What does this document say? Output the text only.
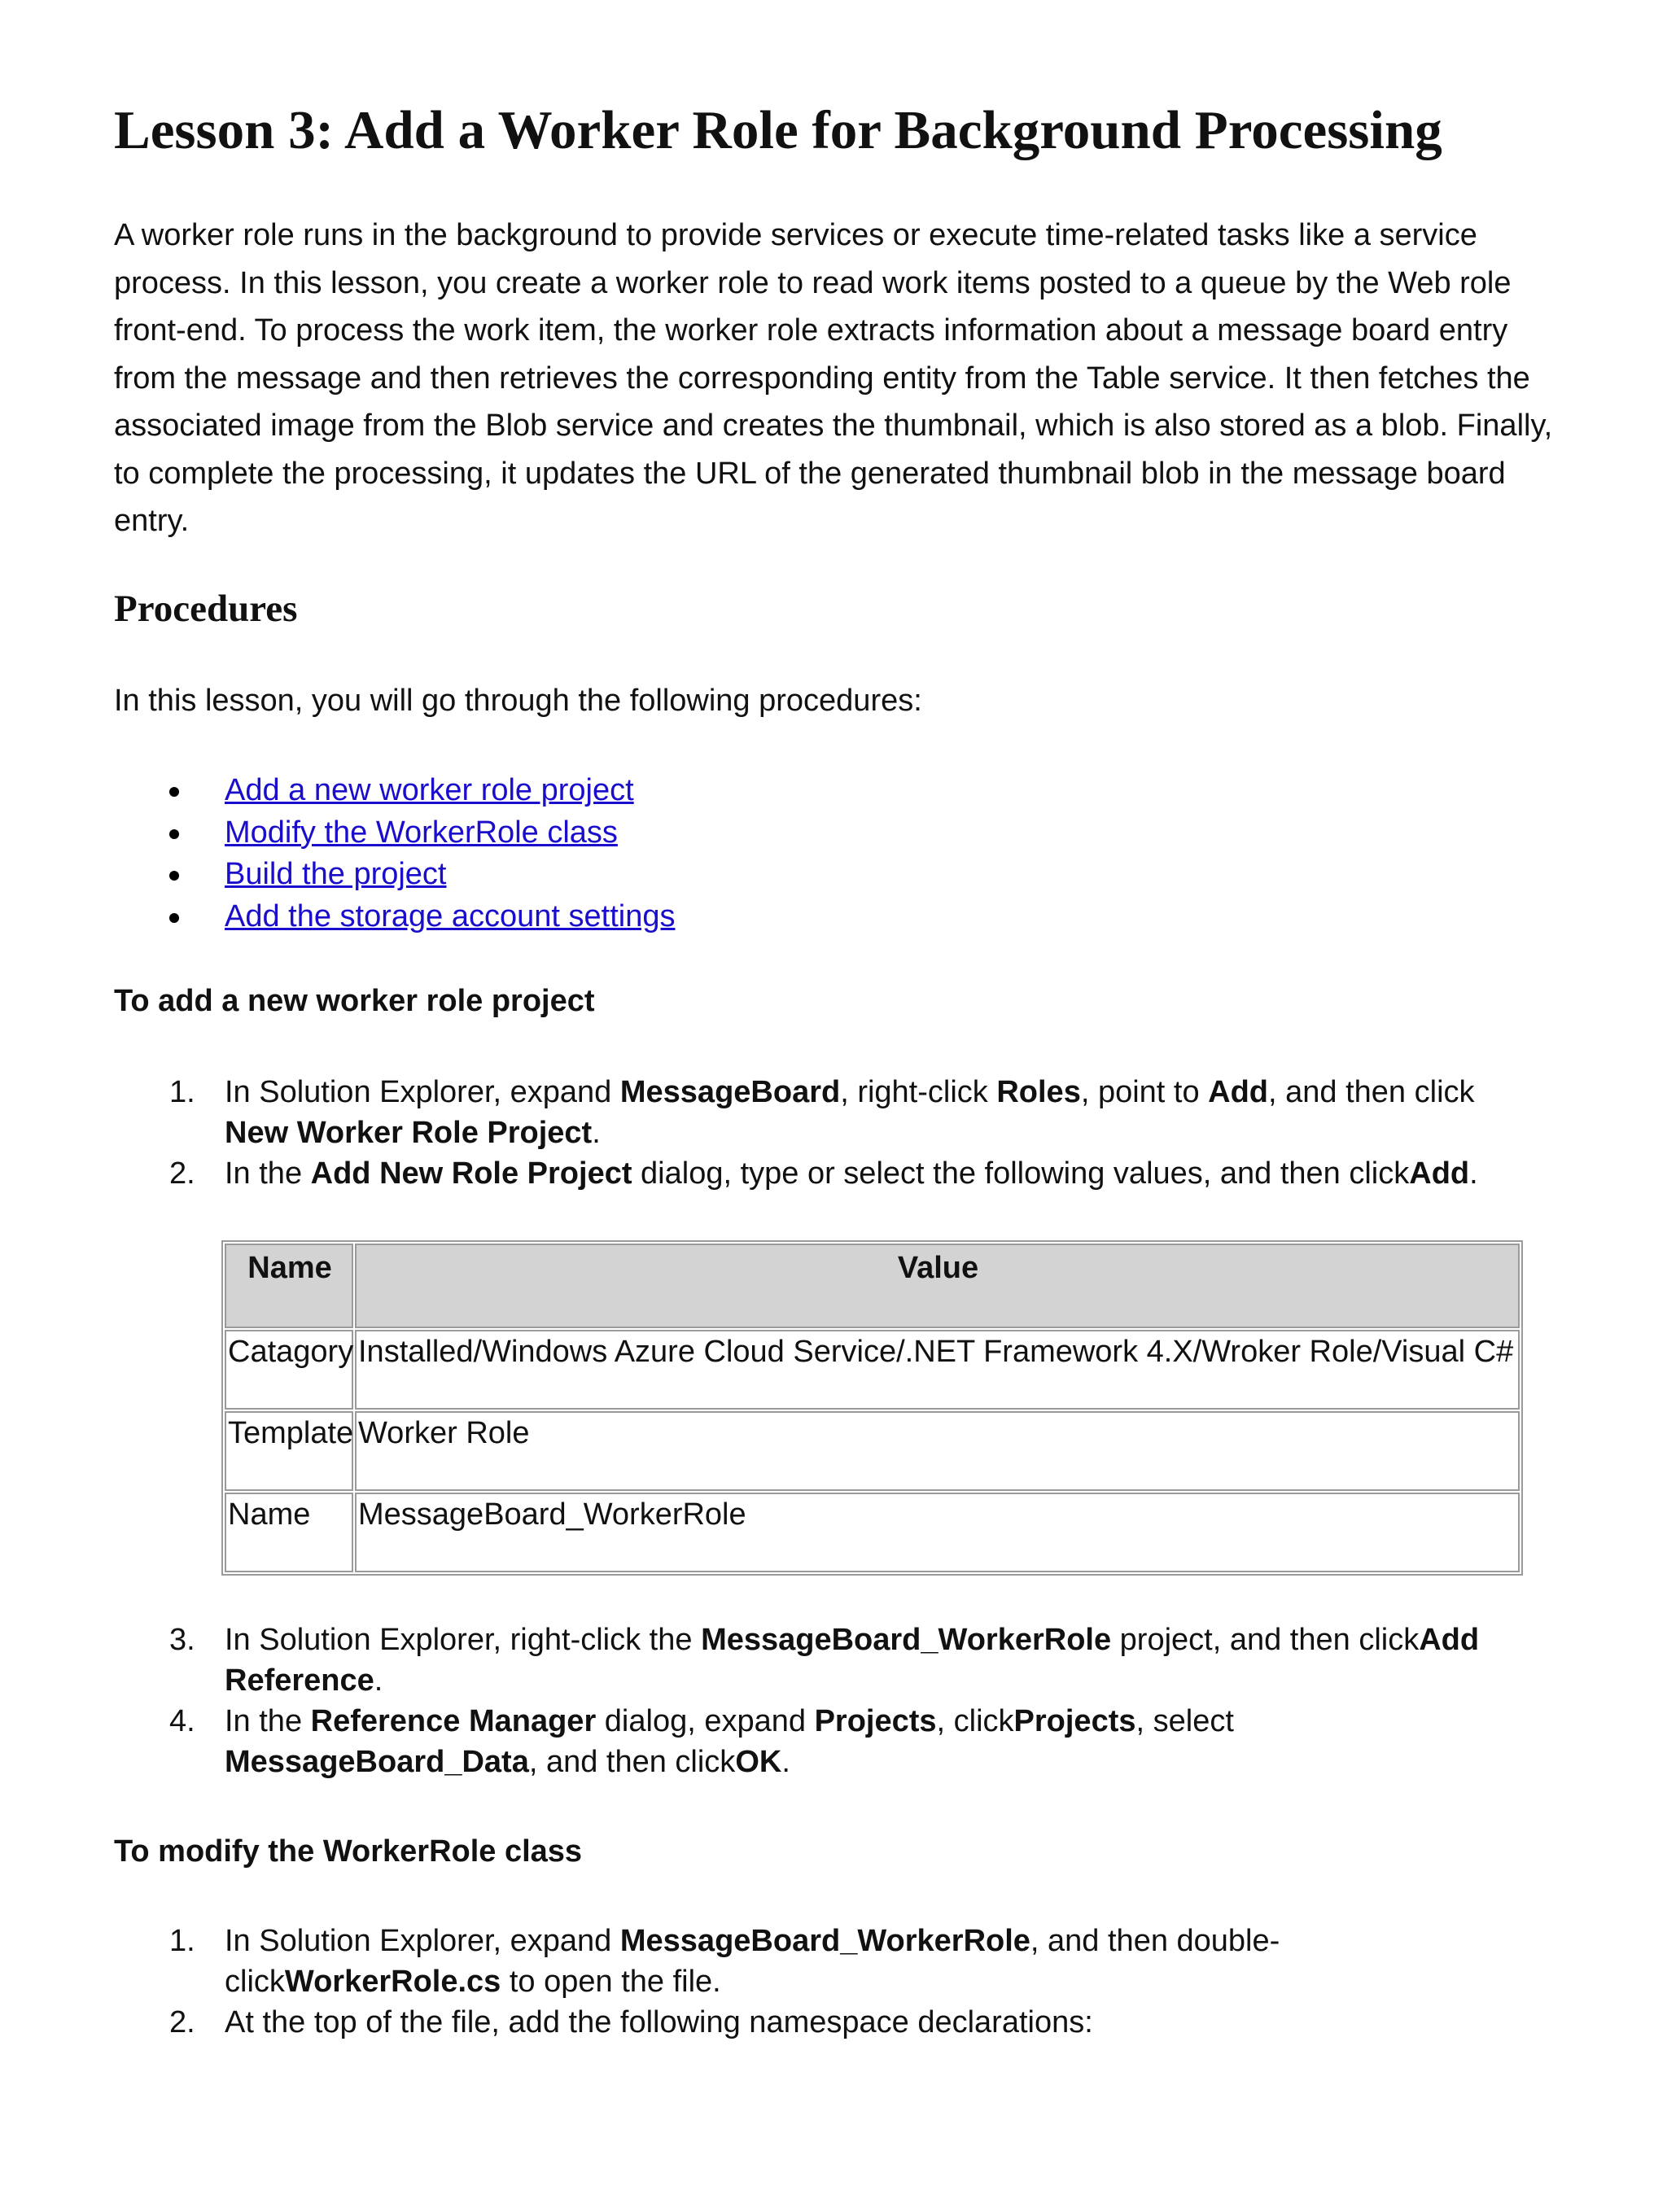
Lesson 3: Add a Worker Role for Background Processing

A worker role runs in the background to provide services or execute time-related tasks like a service process. In this lesson, you create a worker role to read work items posted to a queue by the Web role front-end. To process the work item, the worker role extracts information about a message board entry from the message and then retrieves the corresponding entity from the Table service. It then fetches the associated image from the Blob service and creates the thumbnail, which is also stored as a blob. Finally, to complete the processing, it updates the URL of the generated thumbnail blob in the message board entry.

Procedures

In this lesson, you will go through the following procedures:

Add a new worker role project
Modify the WorkerRole class
Build the project
Add the storage account settings

To add a new worker role project

1. In Solution Explorer, expand MessageBoard, right-click Roles, point to Add, and then click New Worker Role Project.
2. In the Add New Role Project dialog, type or select the following values, and then clickAdd.
Name	Value
Catagory	Installed/Windows Azure Cloud Service/.NET Framework 4.X/Wroker Role/Visual C#
Template	Worker Role
Name	MessageBoard_WorkerRole
3. In Solution Explorer, right-click the MessageBoard_WorkerRole project, and then clickAdd Reference.
4. In the Reference Manager dialog, expand Projects, clickProjects, select MessageBoard_Data, and then clickOK.

To modify the WorkerRole class

1. In Solution Explorer, expand MessageBoard_WorkerRole, and then double-clickWorkerRole.cs to open the file.
2. At the top of the file, add the following namespace declarations:
